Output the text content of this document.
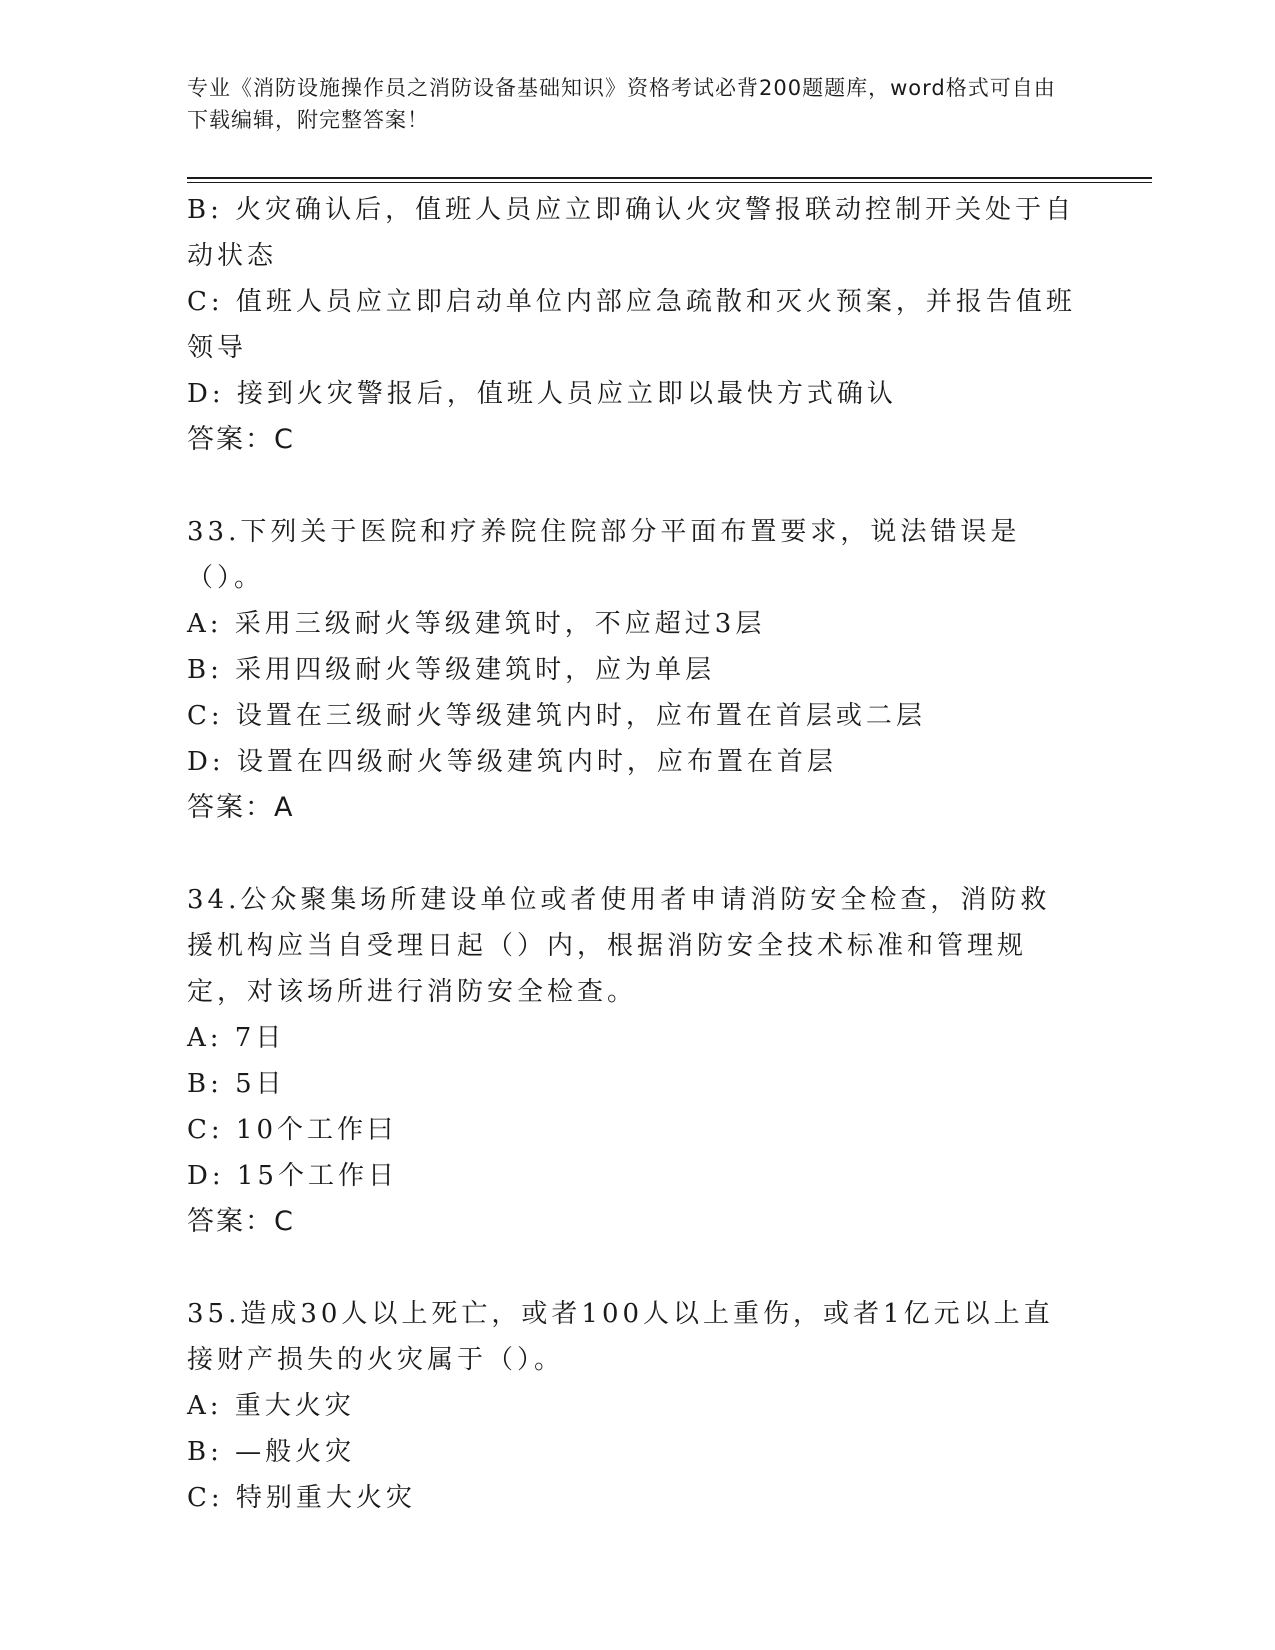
专业《消防设施操作员之消防设备基础知识》资格考试必背200题题库，word格式可自由下载编辑，附完整答案！

B: 火灾确认后，值班人员应立即确认火灾警报联动控制开关处于自动状态

C: 值班人员应立即启动单位内部应急疏散和灭火预案，并报告值班领导

D: 接到火灾警报后，值班人员应立即以最快方式确认

答案：C

33.下列关于医院和疗养院住院部分平面布置要求，说法错误是（）。

A: 采用三级耐火等级建筑时，不应超过3层

B: 采用四级耐火等级建筑时，应为单层

C: 设置在三级耐火等级建筑内时，应布置在首层或二层

D: 设置在四级耐火等级建筑内时，应布置在首层

答案：A

34.公众聚集场所建设单位或者使用者申请消防安全检查，消防救援机构应当自受理日起（）内，根据消防安全技术标准和管理规定，对该场所进行消防安全检查。

A: 7日

B: 5日

C: 10个工作曰

D: 15个工作日

答案：C

35.造成30人以上死亡，或者100人以上重伤，或者1亿元以上直接财产损失的火灾属于（）。

A: 重大火灾

B: —般火灾

C: 特别重大火灾
